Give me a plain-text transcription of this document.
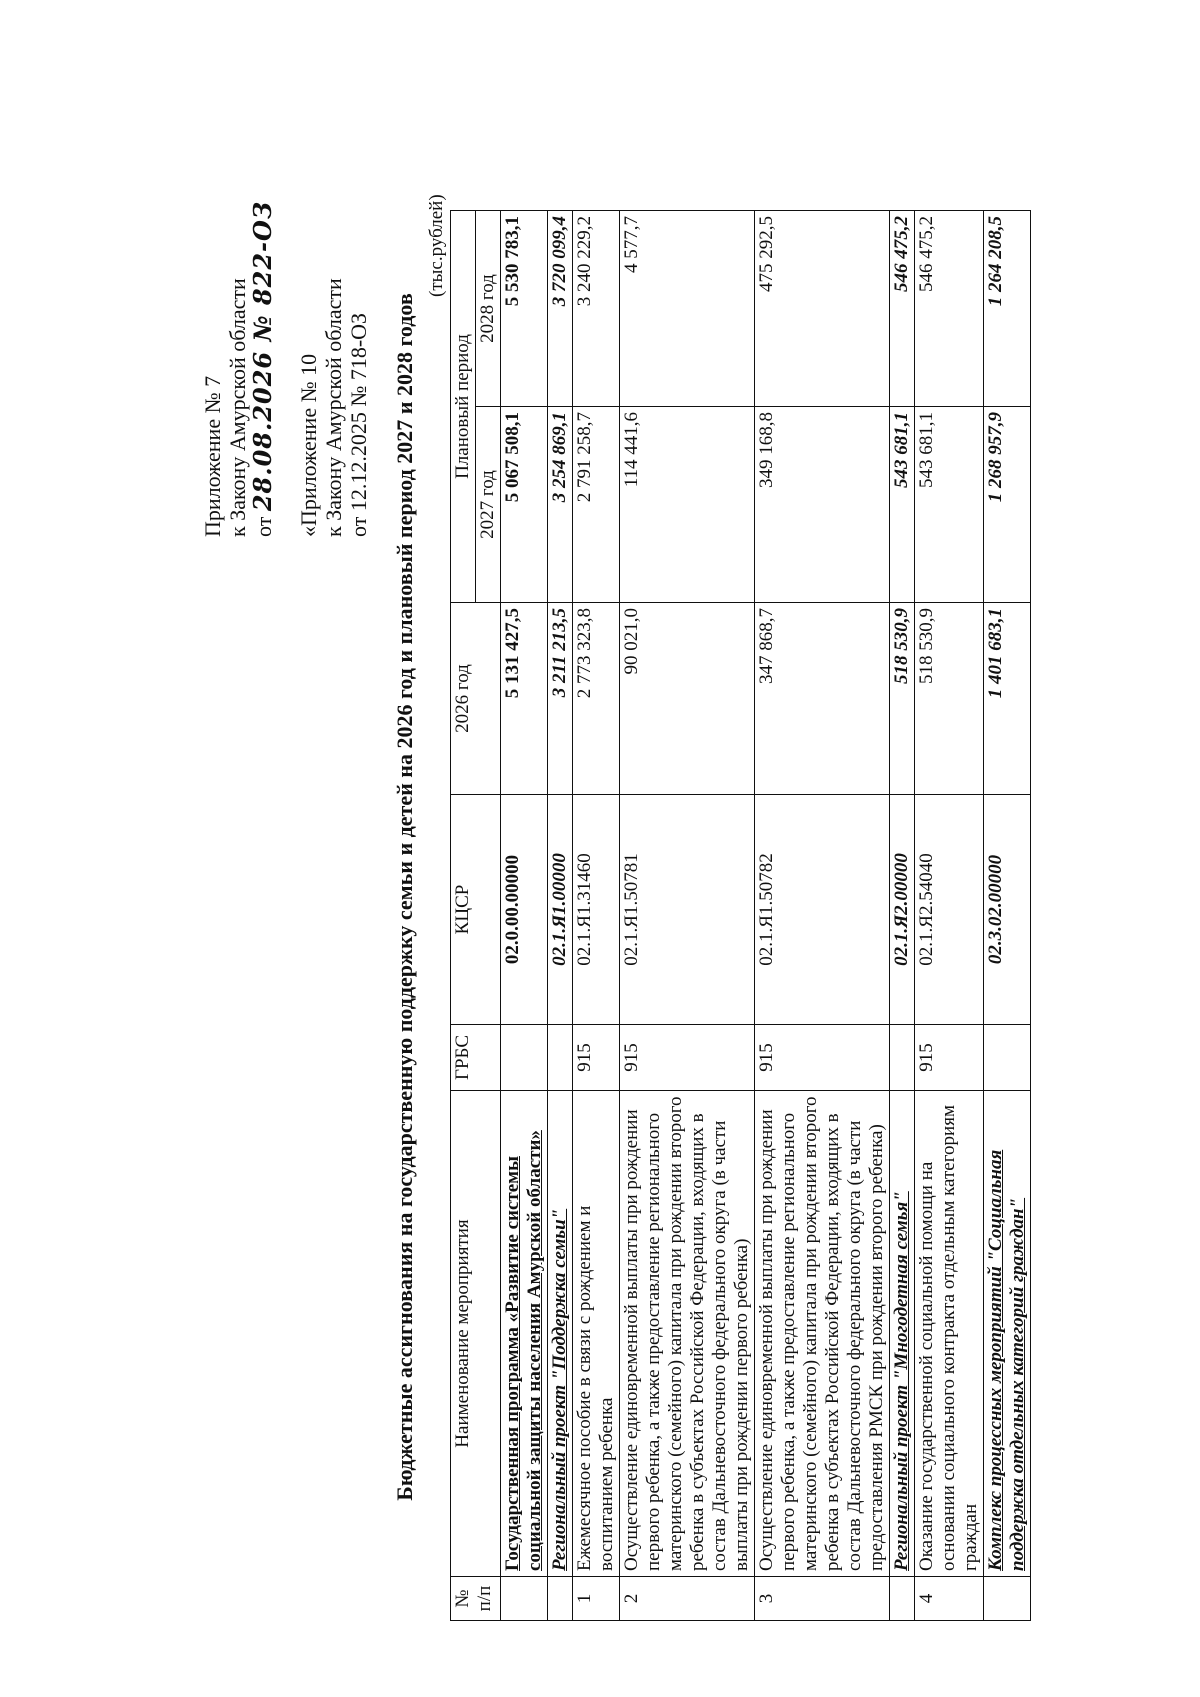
Приложение № 7 к Закону Амурской области от 28.08.2026 № 822-ОЗ «Приложение № 10 к Закону Амурской области от 12.12.2025 № 718-ОЗ Бюджетные ассигнования на государственную поддержку семьи и детей на 2026 год и плановый период 2027 и 2028 годов
(тыс.рублей)
№ п/п	Наименование мероприятия	ГРБС	КЦСР	2026 год	Плановый период	
					2027 год	2028 год
	Государственная программа «Развитие системы социальной защиты населения Амурской области»		02.0.00.00000	5 131 427,5	5 067 508,1	5 530 783,1
	Региональный проект "Поддержка семьи"		02.1.Я1.00000	3 211 213,5	3 254 869,1	3 720 099,4
1	Ежемесячное пособие в связи с рождением и воспитанием ребенка	915	02.1.Я1.31460	2 773 323,8	2 791 258,7	3 240 229,2
2	Осуществление единовременной выплаты при рождении первого ребенка, а также предоставление регионального материнского (семейного) капитала при рождении второго ребенка в субъектах Российской Федерации, входящих в состав Дальневосточного федерального округа (в части выплаты при рождении первого ребенка)	915	02.1.Я1.50781	90 021,0	114 441,6	4 577,7
3	Осуществление единовременной выплаты при рождении первого ребенка, а также предоставление регионального материнского (семейного) капитала при рождении второго ребенка в субъектах Российской Федерации, входящих в состав Дальневосточного федерального округа (в части предоставления РМСК при рождении второго ребенка)	915	02.1.Я1.50782	347 868,7	349 168,8	475 292,5
	Региональный проект "Многодетная семья"		02.1.Я2.00000	518 530,9	543 681,1	546 475,2
4	Оказание государственной социальной помощи на основании социального контракта отдельным категориям граждан	915	02.1.Я2.54040	518 530,9	543 681,1	546 475,2
	Комплекс процессных мероприятий "Социальная поддержка отдельных категорий граждан"		02.3.02.00000	1 401 683,1	1 268 957,9	1 264 208,5
